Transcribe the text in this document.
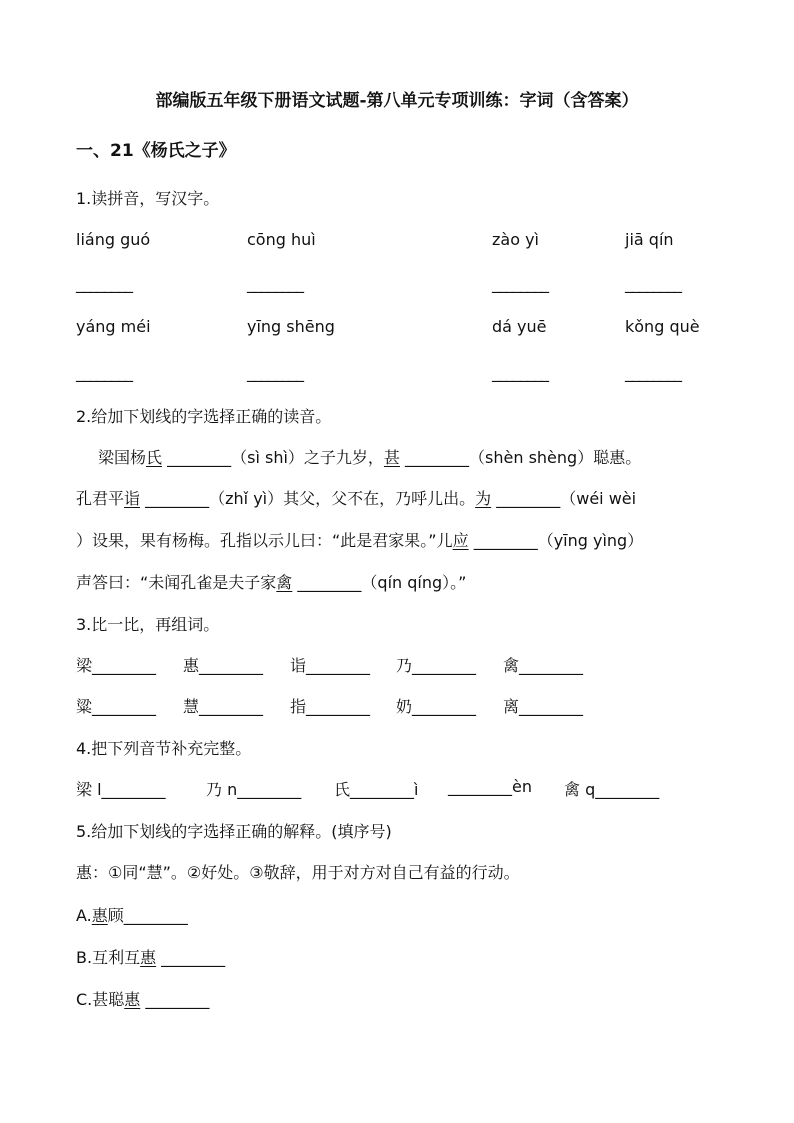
部编版五年级下册语文试题-第八单元专项训练：字词（含答案）
一、21《杨氏之子》
1.读拼音，写汉字。
liáng guó	cōng huì	zào yì	jiā qín
________	________	________	________
yáng méi	yīng shēng	dá yuē	kǒng què
________	________	________	________
2.给加下划线的字选择正确的读音。
梁国杨氏 ________（sì shì）之子九岁，甚 ________（shèn shèng）聪惠。
孔君平诣 ________（zhǐ yì）其父，父不在，乃呼儿出。为 ________（wéi wèi
）设果，果有杨梅。孔指以示儿曰：“此是君家果。”儿应 ________（yīng yìng）
声答曰：“未闻孔雀是夫子家禽 ________（qín qíng）。”
3.比一比，再组词。
梁________ 惠________ 诣________ 乃________ 禽________
粱________ 慧________ 指________ 奶________ 离________
4.把下列音节补充完整。
梁 l________	乃 n________ 氏________ì ________èn 禽 q________
5.给加下划线的字选择正确的解释。(填序号)
惠：①同“慧”。②好处。③敬辞，用于对方对自己有益的行动。
A.惠顾________
B.互利互惠 ________
C.甚聪惠 ________
